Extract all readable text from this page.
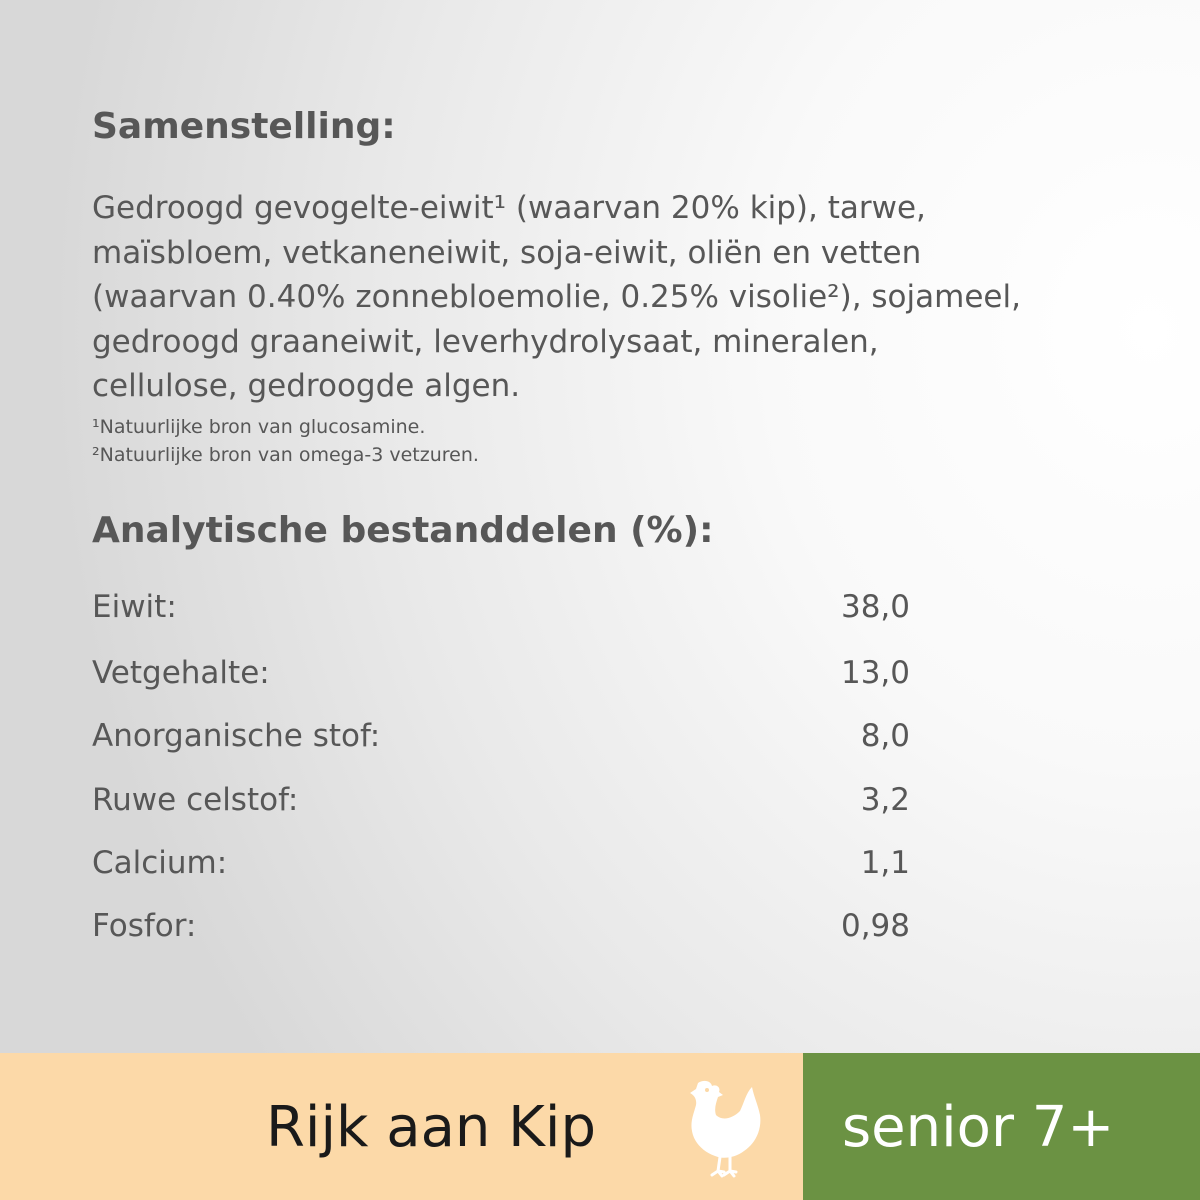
Samenstelling:

Gedroogd gevogelte-eiwit¹ (waarvan 20% kip), tarwe,
maïsbloem, vetkaneneiwit, soja-eiwit, oliën en vetten
(waarvan 0.40% zonnebloemolie, 0.25% visolie²), sojameel,
gedroogd graaneiwit, leverhydrolysaat, mineralen,
cellulose, gedroogde algen.

¹Natuurlijke bron van glucosamine.
²Natuurlijke bron van omega-3 vetzuren.

Analytische bestanddelen (%):
Eiwit:	38,0
Vetgehalte:	13,0
Anorganische stof:	8,0
Ruwe celstof:	3,2
Calcium:	1,1
Fosfor:	0,98
Rijk aan Kip	senior 7+
